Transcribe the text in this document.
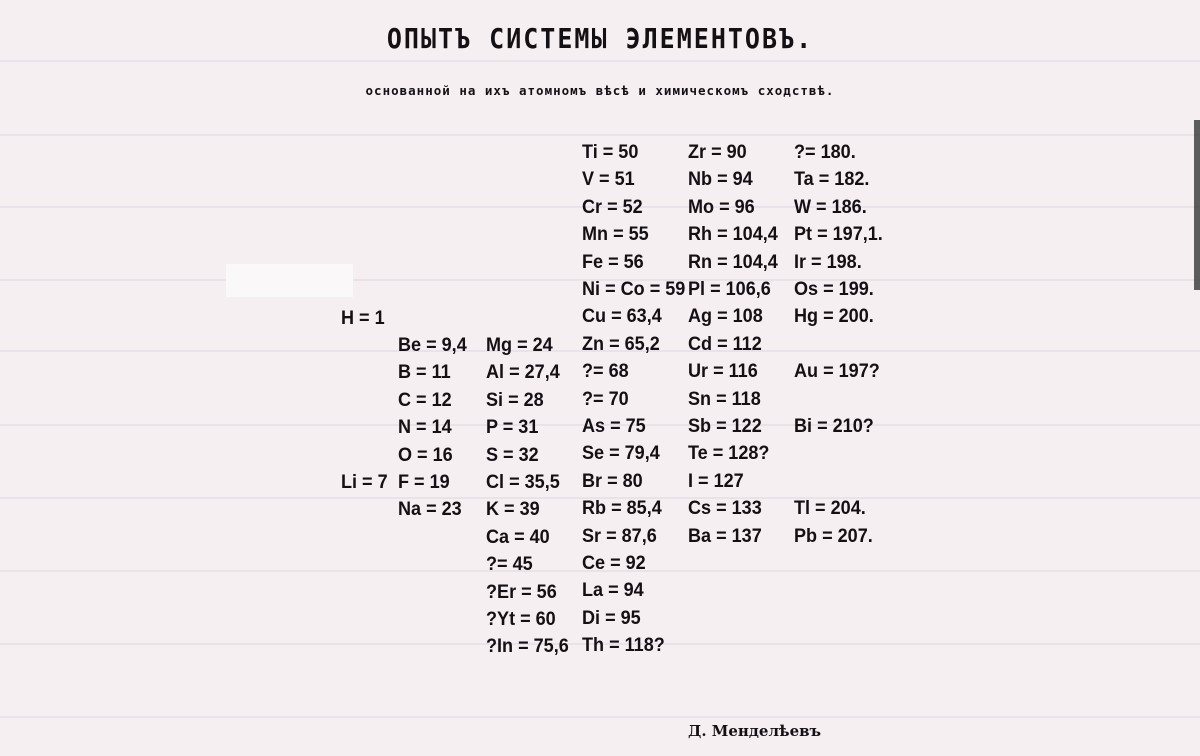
ОПЫТЪ СИСТЕМЫ ЭЛЕМЕНТОВЪ.
основанной на ихъ атомномъ вѣсѣ и химическомъ сходствѣ.
H = 1
Li = 7
Be = 9,4
B = 11
C = 12
N = 14
O = 16
F = 19
Na = 23
Mg = 24
Al = 27,4
Si = 28
P = 31
S = 32
Cl = 35,5
K = 39
Ca = 40
?= 45
?Er = 56
?Yt = 60
?In = 75,6
Ti = 50
V = 51
Cr = 52
Mn = 55
Fe = 56
Ni = Co = 59
Cu = 63,4
Zn = 65,2
?= 68
?= 70
As = 75
Se = 79,4
Br = 80
Rb = 85,4
Sr = 87,6
Ce = 92
La = 94
Di = 95
Th = 118?
Zr = 90
Nb = 94
Mo = 96
Rh = 104,4
Rn = 104,4
Pl = 106,6
Ag = 108
Cd = 112
Ur = 116
Sn = 118
Sb = 122
Te = 128?
I = 127
Cs = 133
Ba = 137
?= 180.
Ta = 182.
W = 186.
Pt = 197,1.
Ir = 198.
Os = 199.
Hg = 200.
Au = 197?
Bi = 210?
Tl = 204.
Pb = 207.
Д. Менделѣевъ
